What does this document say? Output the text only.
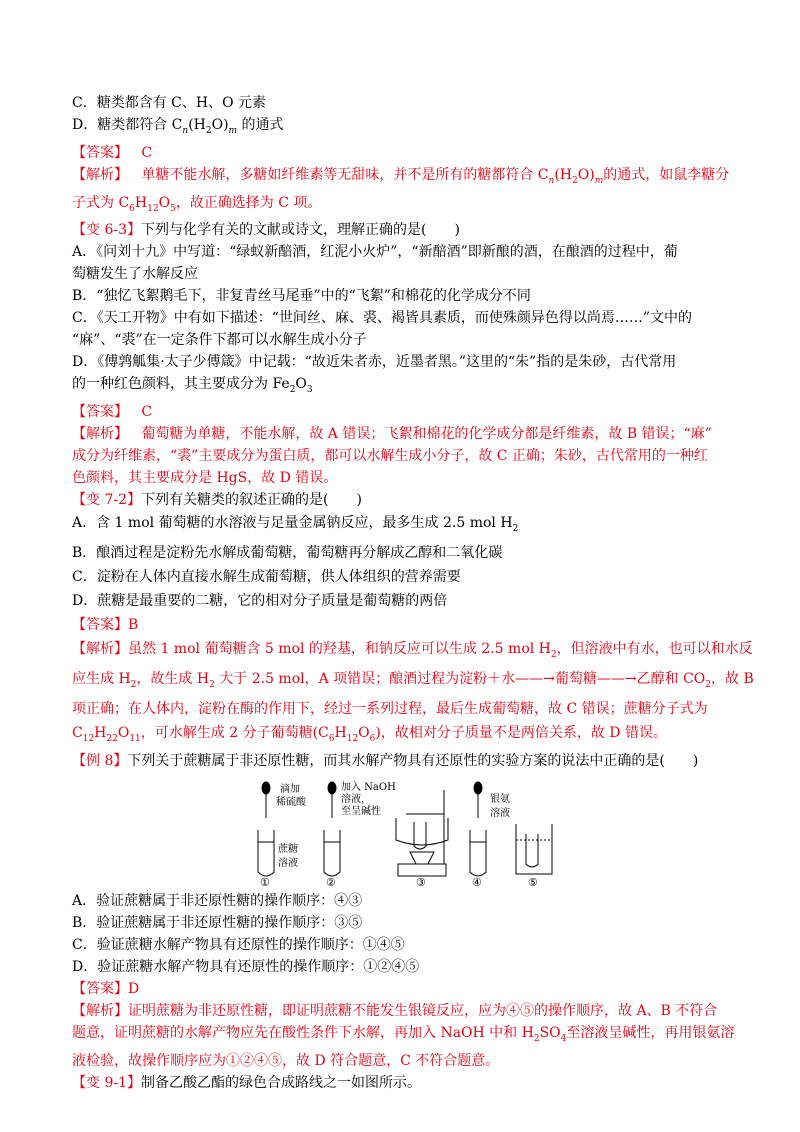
C．糖类都含有 C、H、O 元素

D．糖类都符合 $C_n(H_2O)_m$ 的通式

【答案】 C

【解析】 单糖不能水解，多糖如纤维素等无甜味，并不是所有的糖都符合 $C_n(H_2O)_m$的通式，如鼠李糖分

子式为 $C_6H_{12}O_5$，故正确选择为 C 项。

【变 6-3】下列与化学有关的文献或诗文，理解正确的是(　　)

A．《问刘十九》中写道：“绿蚁新醅酒，红泥小火炉”，“新醅酒”即新酿的酒，在酿酒的过程中，葡

萄糖发生了水解反应

B．“独忆飞絮鹅毛下，非复青丝马尾垂”中的“飞絮”和棉花的化学成分不同

C．《天工开物》中有如下描述：“世间丝、麻、裘、褐皆具素质，而使殊颜异色得以尚焉……”文中的

“麻”、“裘”在一定条件下都可以水解生成小分子

D．《傅鹑觚集·太子少傅箴》中记载：“故近朱者赤，近墨者黑。”这里的“朱”指的是朱砂，古代常用

的一种红色颜料，其主要成分为 $Fe_2O_3$

【答案】 C

【解析】 葡萄糖为单糖，不能水解，故 A 错误；飞絮和棉花的化学成分都是纤维素，故 B 错误；“麻”

成分为纤维素，“裘”主要成分为蛋白质，都可以水解生成小分子，故 C 正确；朱砂，古代常用的一种红

色颜料，其主要成分是 HgS，故 D 错误。

【变 7-2】下列有关糖类的叙述正确的是(　　)

A．含 1 mol 葡萄糖的水溶液与足量金属钠反应，最多生成 2.5 mol $H_2$

B．酿酒过程是淀粉先水解成葡萄糖，葡萄糖再分解成乙醇和二氧化碳

C．淀粉在人体内直接水解生成葡萄糖，供人体组织的营养需要

D．蔗糖是最重要的二糖，它的相对分子质量是葡萄糖的两倍

【答案】B

【解析】虽然 1 mol 葡萄糖含 5 mol 的羟基，和钠反应可以生成 2.5 mol $H_2$，但溶液中有水，也可以和水反

应生成 $H_2$，故生成 $H_2$ 大于 2.5 mol，A 项错误；酿酒过程为淀粉＋水——→葡萄糖——→乙醇和 $CO_2$，故 B

项正确；在人体内，淀粉在酶的作用下，经过一系列过程，最后生成葡萄糖，故 C 错误；蔗糖分子式为

$C_{12}H_{22}O_{11}$，可水解生成 2 分子葡萄糖$(C_6H_{12}O_6)$，故相对分子质量不是两倍关系，故 D 错误。

【例 8】下列关于蔗糖属于非还原性糖，而其水解产物具有还原性的实验方案的说法中正确的是(　　)

滴加
稀硫酸
加入 NaOH
溶液，
至呈碱性
银氨
溶液
蔗糖
溶液
①	②	③	④	⑤

A．验证蔗糖属于非还原性糖的操作顺序：④③

B．验证蔗糖属于非还原性糖的操作顺序：③⑤

C．验证蔗糖水解产物具有还原性的操作顺序：①④⑤

D．验证蔗糖水解产物具有还原性的操作顺序：①②④⑤

【答案】D

【解析】证明蔗糖为非还原性糖，即证明蔗糖不能发生银镜反应，应为④⑤的操作顺序，故 A、B 不符合

题意，证明蔗糖的水解产物应先在酸性条件下水解，再加入 NaOH 中和 $H_2SO_4$至溶液呈碱性，再用银氨溶

液检验，故操作顺序应为①②④⑤，故 D 符合题意，C 不符合题意。

【变 9-1】制备乙酸乙酯的绿色合成路线之一如图所示。
